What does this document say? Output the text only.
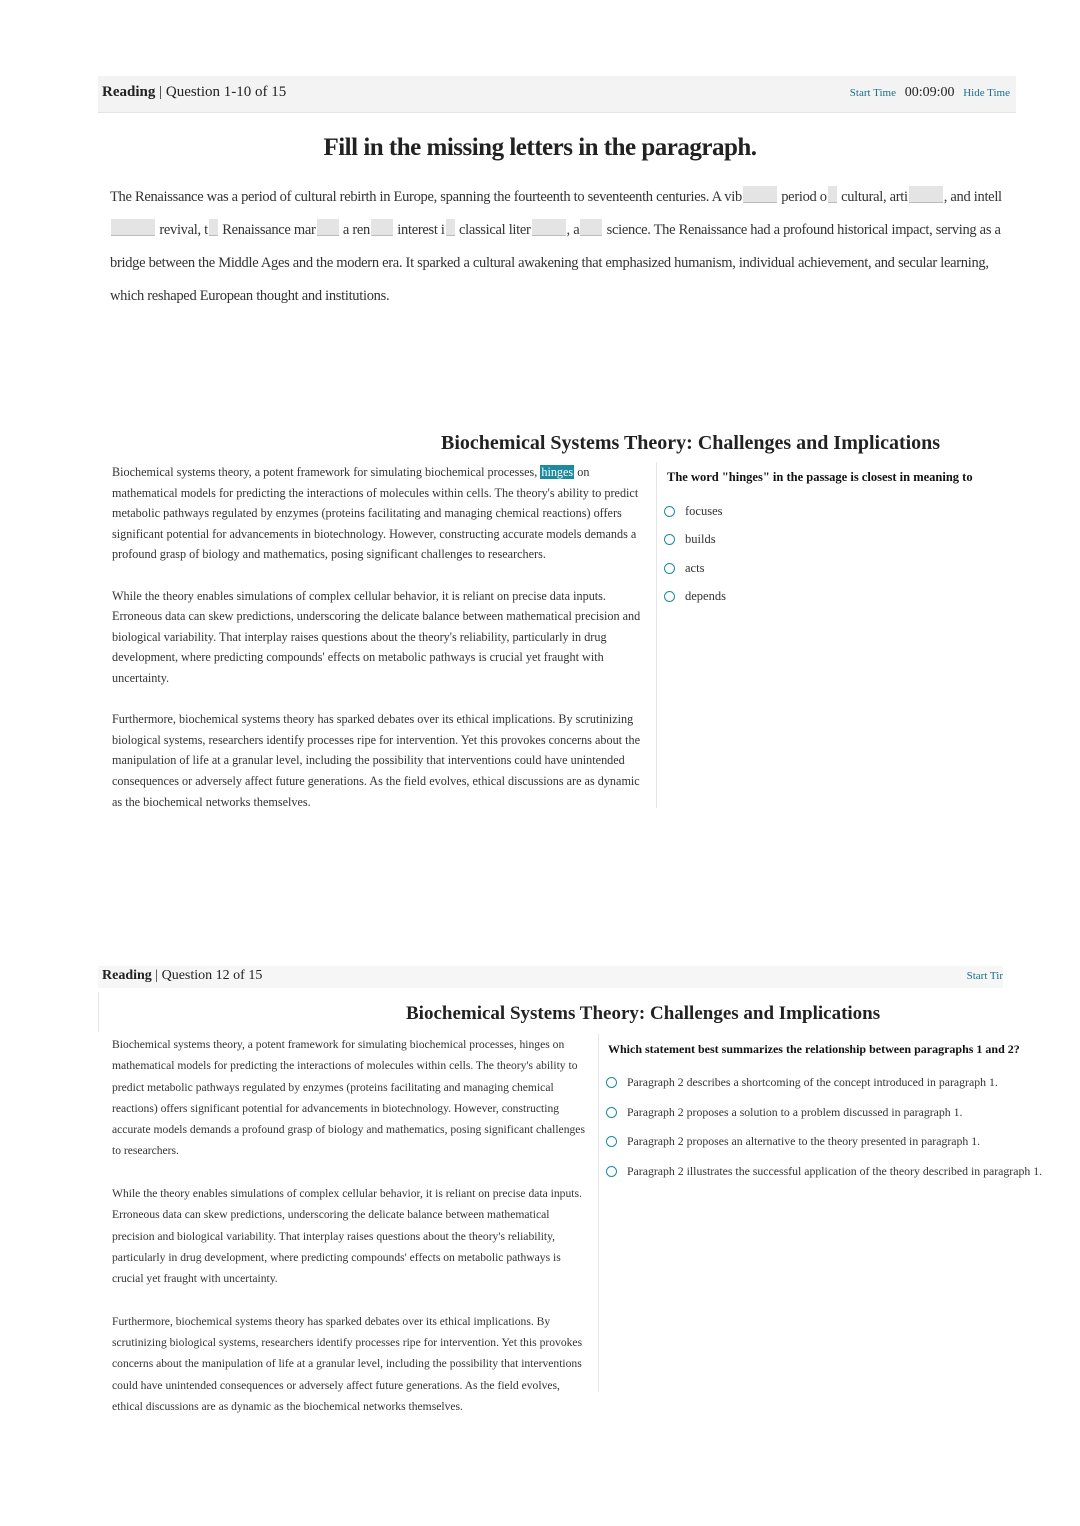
Reading | Question 1-10 of 15	Start Time 00:09:00 Hide Time
Fill in the missing letters in the paragraph.
The Renaissance was a period of cultural rebirth in Europe, spanning the fourteenth to seventeenth centuries. A vib	period o cultural, arti , and intell revival, t Renaissance mar a ren interest i classical liter , a science. The Renaissance had a profound historical impact, serving as a bridge between the Middle Ages and the modern era. It sparked a cultural awakening that emphasized humanism, individual achievement, and secular learning, which reshaped European thought and institutions.
Biochemical Systems Theory: Challenges and Implications

Biochemical systems theory, a potent framework for simulating biochemical processes, hinges on mathematical models for predicting the interactions of molecules within cells. The theory's ability to predict metabolic pathways regulated by enzymes (proteins facilitating and managing chemical reactions) offers significant potential for advancements in biotechnology. However, constructing accurate models demands a profound grasp of biology and mathematics, posing significant challenges to researchers.

While the theory enables simulations of complex cellular behavior, it is reliant on precise data inputs. Erroneous data can skew predictions, underscoring the delicate balance between mathematical precision and biological variability. That interplay raises questions about the theory's reliability, particularly in drug development, where predicting compounds' effects on metabolic pathways is crucial yet fraught with uncertainty.

Furthermore, biochemical systems theory has sparked debates over its ethical implications. By scrutinizing biological systems, researchers identify processes ripe for intervention. Yet this provokes concerns about the manipulation of life at a granular level, including the possibility that interventions could have unintended consequences or adversely affect future generations. As the field evolves, ethical discussions are as dynamic as the biochemical networks themselves.

The word "hinges" in the passage is closest in meaning to
focuses
builds
acts
depends
Reading | Question 12 of 15	Start Tir
Biochemical Systems Theory: Challenges and Implications

Biochemical systems theory, a potent framework for simulating biochemical processes, hinges on mathematical models for predicting the interactions of molecules within cells. The theory's ability to predict metabolic pathways regulated by enzymes (proteins facilitating and managing chemical reactions) offers significant potential for advancements in biotechnology. However, constructing accurate models demands a profound grasp of biology and mathematics, posing significant challenges to researchers.

While the theory enables simulations of complex cellular behavior, it is reliant on precise data inputs. Erroneous data can skew predictions, underscoring the delicate balance between mathematical precision and biological variability. That interplay raises questions about the theory's reliability, particularly in drug development, where predicting compounds' effects on metabolic pathways is crucial yet fraught with uncertainty.

Furthermore, biochemical systems theory has sparked debates over its ethical implications. By scrutinizing biological systems, researchers identify processes ripe for intervention. Yet this provokes concerns about the manipulation of life at a granular level, including the possibility that interventions could have unintended consequences or adversely affect future generations. As the field evolves, ethical discussions are as dynamic as the biochemical networks themselves.

Which statement best summarizes the relationship between paragraphs 1 and 2?
Paragraph 2 describes a shortcoming of the concept introduced in paragraph 1.
Paragraph 2 proposes a solution to a problem discussed in paragraph 1.
Paragraph 2 proposes an alternative to the theory presented in paragraph 1.
Paragraph 2 illustrates the successful application of the theory described in paragraph 1.
